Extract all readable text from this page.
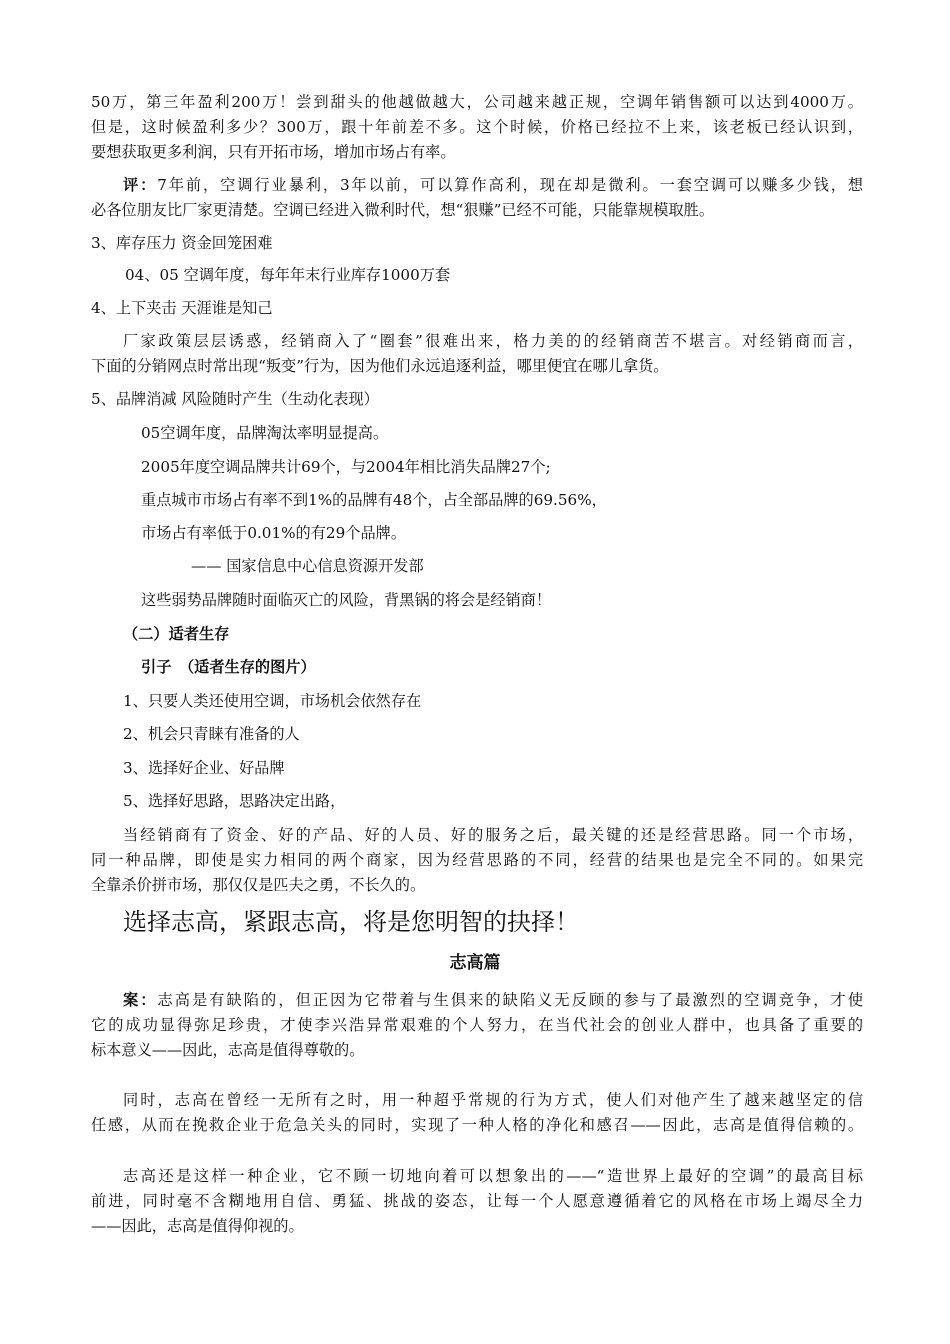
50万，第三年盈利200万！尝到甜头的他越做越大，公司越来越正规，空调年销售额可以达到4000万。
但是，这时候盈利多少？300万，跟十年前差不多。这个时候，价格已经拉不上来，该老板已经认识到，
要想获取更多利润，只有开拓市场，增加市场占有率。
评：7年前，空调行业暴利，3年以前，可以算作高利，现在却是微利。一套空调可以赚多少钱，想
必各位朋友比厂家更清楚。空调已经进入微利时代，想“狠赚”已经不可能，只能靠规模取胜。
3、库存压力 资金回笼困难
04、05 空调年度，每年年末行业库存1000万套
4、上下夹击 天涯谁是知己
厂家政策层层诱惑，经销商入了“圈套”很难出来，格力美的的经销商苦不堪言。对经销商而言，
下面的分销网点时常出现“叛变”行为，因为他们永远追逐利益，哪里便宜在哪儿拿货。
5、品牌消减 风险随时产生（生动化表现）
05空调年度，品牌淘汰率明显提高。
2005年度空调品牌共计69个，与2004年相比消失品牌27个;
重点城市市场占有率不到1%的品牌有48个，占全部品牌的69.56%，
市场占有率低于0.01%的有29个品牌。
—— 国家信息中心信息资源开发部
这些弱势品牌随时面临灭亡的风险，背黑锅的将会是经销商！
（二）适者生存
引子　（适者生存的图片）
1、只要人类还使用空调，市场机会依然存在
2、机会只青睐有准备的人
3、选择好企业、好品牌
5、选择好思路，思路决定出路，
当经销商有了资金、好的产品、好的人员、好的服务之后，最关键的还是经营思路。同一个市场，
同一种品牌，即使是实力相同的两个商家，因为经营思路的不同，经营的结果也是完全不同的。如果完
全靠杀价拼市场，那仅仅是匹夫之勇，不长久的。
选择志高，紧跟志高，将是您明智的抉择！
志高篇
案：志高是有缺陷的，但正因为它带着与生俱来的缺陷义无反顾的参与了最激烈的空调竞争，才使
它的成功显得弥足珍贵，才使李兴浩异常艰难的个人努力，在当代社会的创业人群中，也具备了重要的
标本意义——因此，志高是值得尊敬的。
同时，志高在曾经一无所有之时，用一种超乎常规的行为方式，使人们对他产生了越来越坚定的信
任感，从而在挽救企业于危急关头的同时，实现了一种人格的净化和感召——因此，志高是值得信赖的。
志高还是这样一种企业，它不顾一切地向着可以想象出的——“造世界上最好的空调”的最高目标
前进，同时毫不含糊地用自信、勇猛、挑战的姿态，让每一个人愿意遵循着它的风格在市场上竭尽全力
——因此，志高是值得仰视的。
